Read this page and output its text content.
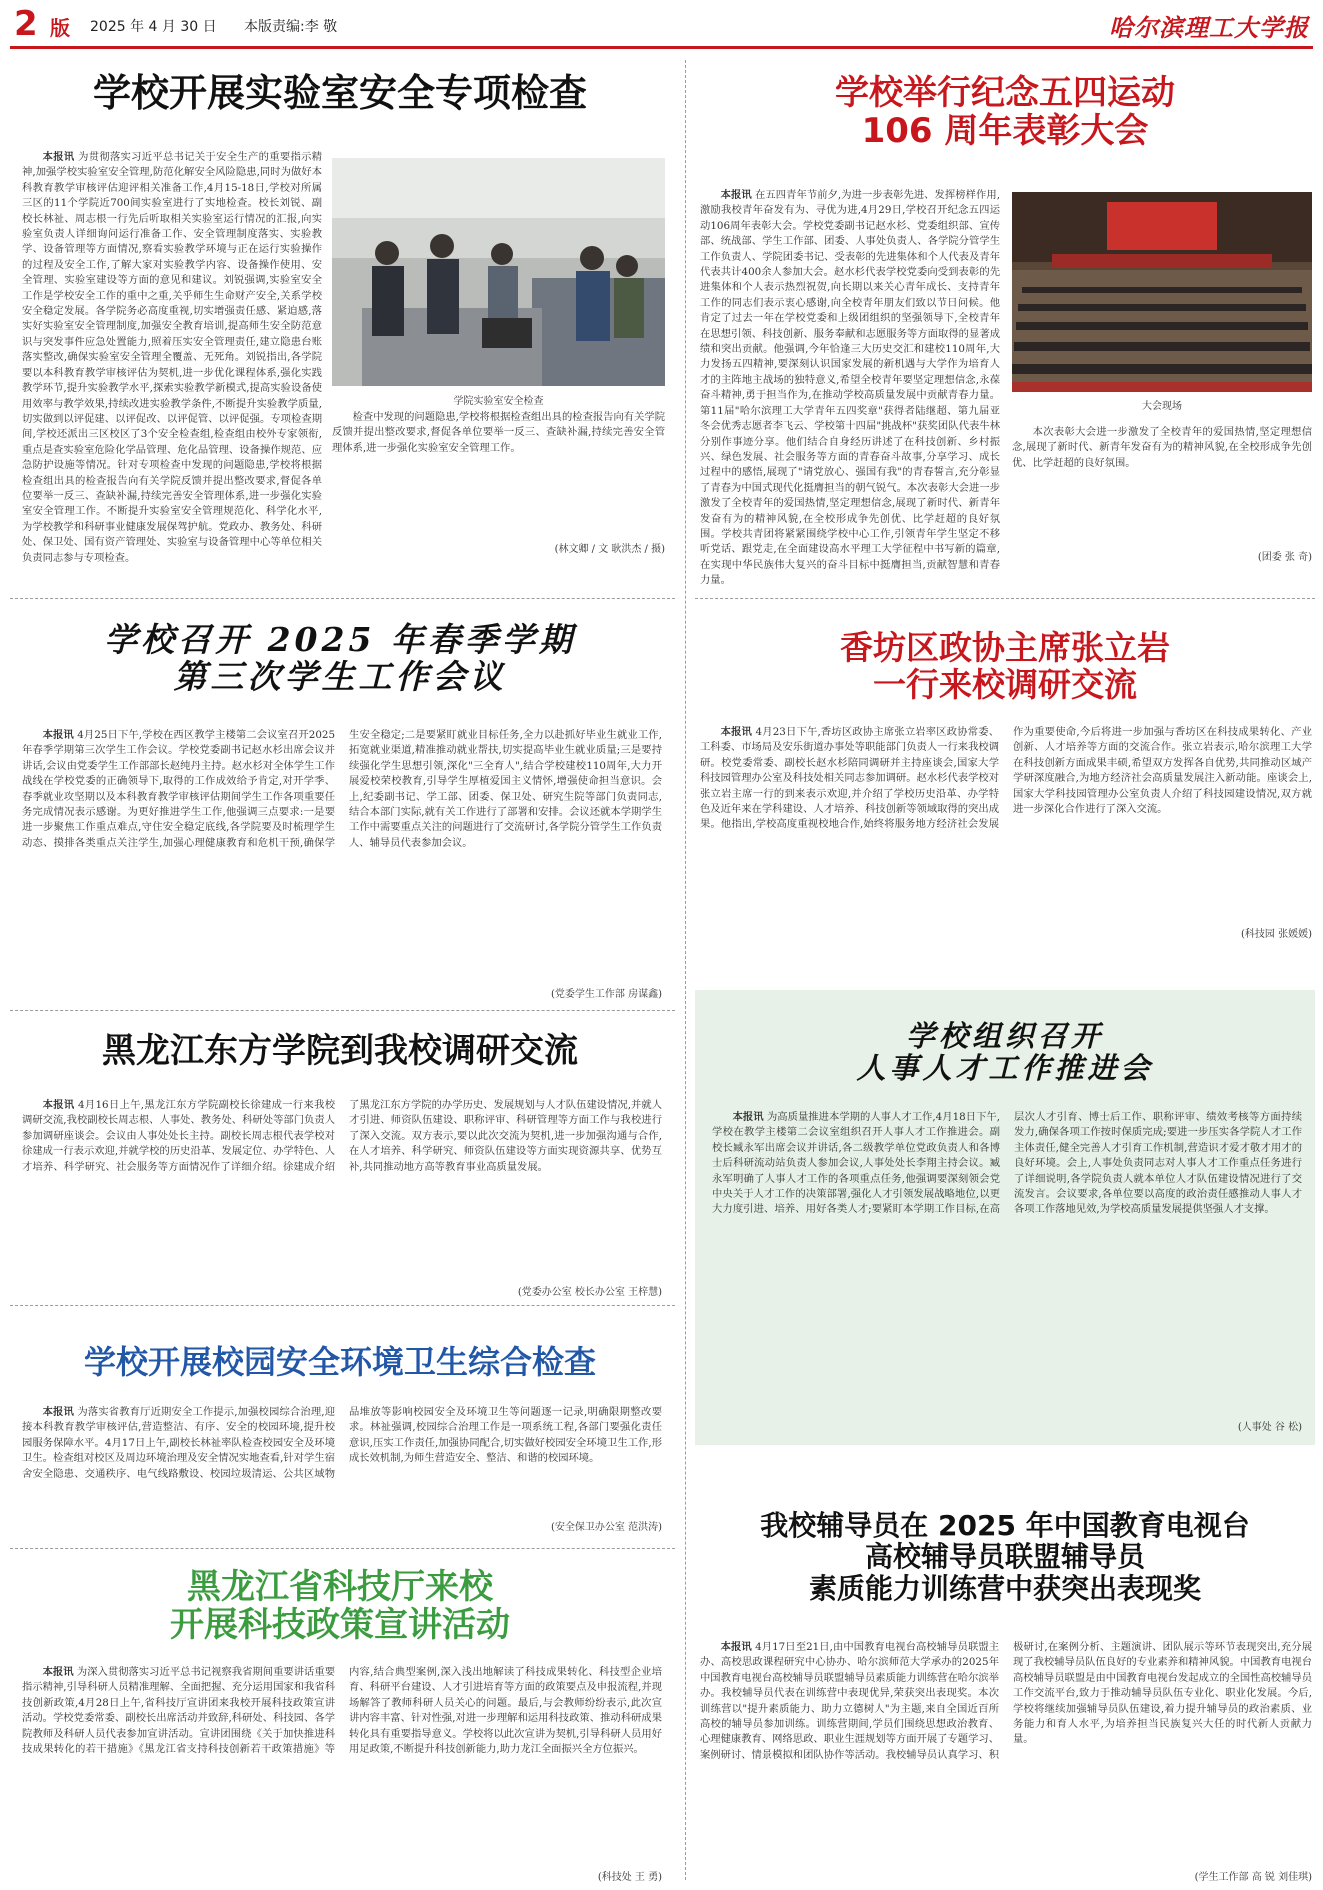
2 版 2025 年 4 月 30 日 本版责编:李 敬	哈尔滨理工大学报
学校开展实验室安全专项检查

本报讯 为贯彻落实习近平总书记关于安全生产的重要指示精神,加强学校实验室安全管理,防范化解安全风险隐患,同时为做好本科教育教学审核评估迎评相关准备工作,4月15-18日,学校对所属三区的11个学院近700间实验室进行了实地检查。校长刘锐、副校长林祉、周志根一行先后听取相关实验室运行情况的汇报,向实验室负责人详细询问运行准备工作、安全管理制度落实、实验教学、设备管理等方面情况,察看实验教学环境与正在运行实验操作的过程及安全工作,了解大家对实验教学内容、设备操作使用、安全管理、实验室建设等方面的意见和建议。刘锐强调,实验室安全工作是学校安全工作的重中之重,关乎师生生命财产安全,关系学校安全稳定发展。各学院务必高度重视,切实增强责任感、紧迫感,落实好实验室安全管理制度,加强安全教育培训,提高师生安全防范意识与突发事件应急处置能力,照着压实安全管理责任,建立隐患台账落实整改,确保实验室安全管理全覆盖、无死角。刘锐指出,各学院要以本科教育教学审核评估为契机,进一步优化课程体系,强化实践教学环节,提升实验教学水平,探索实验教学新模式,提高实验设备使用效率与教学效果,持续改进实验教学条件,不断提升实验教学质量,切实做到以评促建、以评促改、以评促管、以评促强。专项检查期间,学校还派出三区校区了3个安全检查组,检查组由校外专家领衔,重点是查实验室危险化学品管理、危化品管理、设备操作规范、应急防护设施等情况。针对专项检查中发现的问题隐患,学校将根据检查组出具的检查报告向有关学院反馈并提出整改要求,督促各单位要举一反三、查缺补漏,持续完善安全管理体系,进一步强化实验室安全管理工作。不断提升实验室安全管理规范化、科学化水平,为学校教学和科研事业健康发展保驾护航。党政办、教务处、科研处、保卫处、国有资产管理处、实验室与设备管理中心等单位相关负责同志参与专项检查。

学院实验室安全检查

检查中发现的问题隐患,学校将根据检查组出具的检查报告向有关学院反馈并提出整改要求,督促各单位要举一反三、查缺补漏,持续完善安全管理体系,进一步强化实验室安全管理工作。

(林文卿 / 文 耿洪杰 / 摄)
学校召开 2025 年春季学期
第三次学生工作会议

本报讯 4月25日下午,学校在西区教学主楼第二会议室召开2025年春季学期第三次学生工作会议。学校党委副书记赵水杉出席会议并讲话,会议由党委学生工作部部长赵纯丹主持。赵水杉对全体学生工作战线在学校党委的正确领导下,取得的工作成效给予肯定,对开学季、春季就业攻坚期以及本科教育教学审核评估期间学生工作各项重要任务完成情况表示感谢。为更好推进学生工作,他强调三点要求:一是要进一步聚焦工作重点难点,守住安全稳定底线,各学院要及时梳理学生动态、摸排各类重点关注学生,加强心理健康教育和危机干预,确保学生安全稳定;二是要紧盯就业目标任务,全力以赴抓好毕业生就业工作,拓宽就业渠道,精准推动就业帮扶,切实提高毕业生就业质量;三是要持续强化学生思想引领,深化"三全育人",结合学校建校110周年,大力开展爱校荣校教育,引导学生厚植爱国主义情怀,增强使命担当意识。会上,纪委副书记、学工部、团委、保卫处、研究生院等部门负责同志,结合本部门实际,就有关工作进行了部署和安排。会议还就本学期学生工作中需要重点关注的问题进行了交流研讨,各学院分管学生工作负责人、辅导员代表参加会议。

(党委学生工作部 房谋鑫)
黑龙江东方学院到我校调研交流

本报讯 4月16日上午,黑龙江东方学院副校长徐建成一行来我校调研交流,我校副校长周志根、人事处、教务处、科研处等部门负责人参加调研座谈会。会议由人事处处长主持。副校长周志根代表学校对徐建成一行表示欢迎,并就学校的历史沿革、发展定位、办学特色、人才培养、科学研究、社会服务等方面情况作了详细介绍。徐建成介绍了黑龙江东方学院的办学历史、发展规划与人才队伍建设情况,并就人才引进、师资队伍建设、职称评审、科研管理等方面工作与我校进行了深入交流。双方表示,要以此次交流为契机,进一步加强沟通与合作,在人才培养、科学研究、师资队伍建设等方面实现资源共享、优势互补,共同推动地方高等教育事业高质量发展。

(党委办公室 校长办公室 王梓慧)
学校开展校园安全环境卫生综合检查

本报讯 为落实省教育厅近期安全工作提示,加强校园综合治理,迎接本科教育教学审核评估,营造整洁、有序、安全的校园环境,提升校园服务保障水平。4月17日上午,副校长林祉率队检查校园安全及环境卫生。检查组对校区及周边环境治理及安全情况实地查看,针对学生宿舍安全隐患、交通秩序、电气线路敷设、校园垃圾清运、公共区域物品堆放等影响校园安全及环境卫生等问题逐一记录,明确限期整改要求。林祉强调,校园综合治理工作是一项系统工程,各部门要强化责任意识,压实工作责任,加强协同配合,切实做好校园安全环境卫生工作,形成长效机制,为师生营造安全、整洁、和谐的校园环境。

(安全保卫办公室 范洪涛)
黑龙江省科技厅来校
开展科技政策宣讲活动

本报讯 为深入贯彻落实习近平总书记视察我省期间重要讲话重要指示精神,引导科研人员精准理解、全面把握、充分运用国家和我省科技创新政策,4月28日上午,省科技厅宣讲团来我校开展科技政策宣讲活动。学校党委常委、副校长出席活动并致辞,科研处、科技园、各学院教师及科研人员代表参加宣讲活动。宣讲团围绕《关于加快推进科技成果转化的若干措施》《黑龙江省支持科技创新若干政策措施》等内容,结合典型案例,深入浅出地解读了科技成果转化、科技型企业培育、科研平台建设、人才引进培育等方面的政策要点及申报流程,并现场解答了教师科研人员关心的问题。最后,与会教师纷纷表示,此次宣讲内容丰富、针对性强,对进一步理解和运用科技政策、推动科研成果转化具有重要指导意义。学校将以此次宣讲为契机,引导科研人员用好用足政策,不断提升科技创新能力,助力龙江全面振兴全方位振兴。

(科技处 王 勇)
学校举行纪念五四运动
106 周年表彰大会

本报讯 在五四青年节前夕,为进一步表彰先进、发挥榜样作用,激励我校青年奋发有为、寻优为进,4月29日,学校召开纪念五四运动106周年表彰大会。学校党委副书记赵水杉、党委组织部、宣传部、统战部、学生工作部、团委、人事处负责人、各学院分管学生工作负责人、学院团委书记、受表彰的先进集体和个人代表及青年代表共计400余人参加大会。赵水杉代表学校党委向受到表彰的先进集体和个人表示热烈祝贺,向长期以来关心青年成长、支持青年工作的同志们表示衷心感谢,向全校青年朋友们致以节日问候。他肯定了过去一年在学校党委和上级团组织的坚强领导下,全校青年在思想引领、科技创新、服务奉献和志愿服务等方面取得的显著成绩和突出贡献。他强调,今年恰逢三大历史交汇和建校110周年,大力发扬五四精神,要深刻认识国家发展的新机遇与大学作为培育人才的主阵地主战场的独特意义,希望全校青年要坚定理想信念,永葆奋斗精神,勇于担当作为,在推动学校高质量发展中贡献青春力量。第11届"哈尔滨理工大学青年五四奖章"获得者陆继超、第九届亚冬会优秀志愿者李飞云、学校第十四届"挑战杯"获奖团队代表牛林分别作事迹分享。他们结合自身经历讲述了在科技创新、乡村振兴、绿色发展、社会服务等方面的青春奋斗故事,分享学习、成长过程中的感悟,展现了"请党放心、强国有我"的青春誓言,充分彰显了青春为中国式现代化挺膺担当的朝气锐气。本次表彰大会进一步激发了全校青年的爱国热情,坚定理想信念,展现了新时代、新青年发奋有为的精神风貌,在全校形成争先创优、比学赶超的良好氛围。学校共青团将紧紧围绕学校中心工作,引领青年学生坚定不移听党话、跟党走,在全面建设高水平理工大学征程中书写新的篇章,在实现中华民族伟大复兴的奋斗目标中挺膺担当,贡献智慧和青春力量。

大会现场

本次表彰大会进一步激发了全校青年的爱国热情,坚定理想信念,展现了新时代、新青年发奋有为的精神风貌,在全校形成争先创优、比学赶超的良好氛围。

(团委 张 奇)
香坊区政协主席张立岩
一行来校调研交流

本报讯 4月23日下午,香坊区政协主席张立岩率区政协常委、工科委、市场局及安乐街道办事处等职能部门负责人一行来我校调研。校党委常委、副校长赵水杉陪同调研并主持座谈会,国家大学科技园管理办公室及科技处相关同志参加调研。赵水杉代表学校对张立岩主席一行的到来表示欢迎,并介绍了学校历史沿革、办学特色及近年来在学科建设、人才培养、科技创新等领域取得的突出成果。他指出,学校高度重视校地合作,始终将服务地方经济社会发展作为重要使命,今后将进一步加强与香坊区在科技成果转化、产业创新、人才培养等方面的交流合作。张立岩表示,哈尔滨理工大学在科技创新方面成果丰硕,希望双方发挥各自优势,共同推动区域产学研深度融合,为地方经济社会高质量发展注入新动能。座谈会上,国家大学科技园管理办公室负责人介绍了科技园建设情况,双方就进一步深化合作进行了深入交流。

(科技园 张媛媛)
学校组织召开
人事人才工作推进会

本报讯 为高质量推进本学期的人事人才工作,4月18日下午,学校在教学主楼第二会议室组织召开人事人才工作推进会。副校长臧永军出席会议并讲话,各二级教学单位党政负责人和各博士后科研流动站负责人参加会议,人事处处长李翔主持会议。臧永军明确了人事人才工作的各项重点任务,他强调要深刻领会党中央关于人才工作的决策部署,强化人才引领发展战略地位,以更大力度引进、培养、用好各类人才;要紧盯本学期工作目标,在高层次人才引育、博士后工作、职称评审、绩效考核等方面持续发力,确保各项工作按时保质完成;要进一步压实各学院人才工作主体责任,健全完善人才引育工作机制,营造识才爱才敬才用才的良好环境。会上,人事处负责同志对人事人才工作重点任务进行了详细说明,各学院负责人就本单位人才队伍建设情况进行了交流发言。会议要求,各单位要以高度的政治责任感推动人事人才各项工作落地见效,为学校高质量发展提供坚强人才支撑。

(人事处 谷 松)
我校辅导员在 2025 年中国教育电视台
高校辅导员联盟辅导员
素质能力训练营中获突出表现奖

本报讯 4月17日至21日,由中国教育电视台高校辅导员联盟主办、高校思政课程研究中心协办、哈尔滨师范大学承办的2025年中国教育电视台高校辅导员联盟辅导员素质能力训练营在哈尔滨举办。我校辅导员代表在训练营中表现优异,荣获突出表现奖。本次训练营以"提升素质能力、助力立德树人"为主题,来自全国近百所高校的辅导员参加训练。训练营期间,学员们围绕思想政治教育、心理健康教育、网络思政、职业生涯规划等方面开展了专题学习、案例研讨、情景模拟和团队协作等活动。我校辅导员认真学习、积极研讨,在案例分析、主题演讲、团队展示等环节表现突出,充分展现了我校辅导员队伍良好的专业素养和精神风貌。中国教育电视台高校辅导员联盟是由中国教育电视台发起成立的全国性高校辅导员工作交流平台,致力于推动辅导员队伍专业化、职业化发展。今后,学校将继续加强辅导员队伍建设,着力提升辅导员的政治素质、业务能力和育人水平,为培养担当民族复兴大任的时代新人贡献力量。

(学生工作部 高 锐 刘佳琪)
